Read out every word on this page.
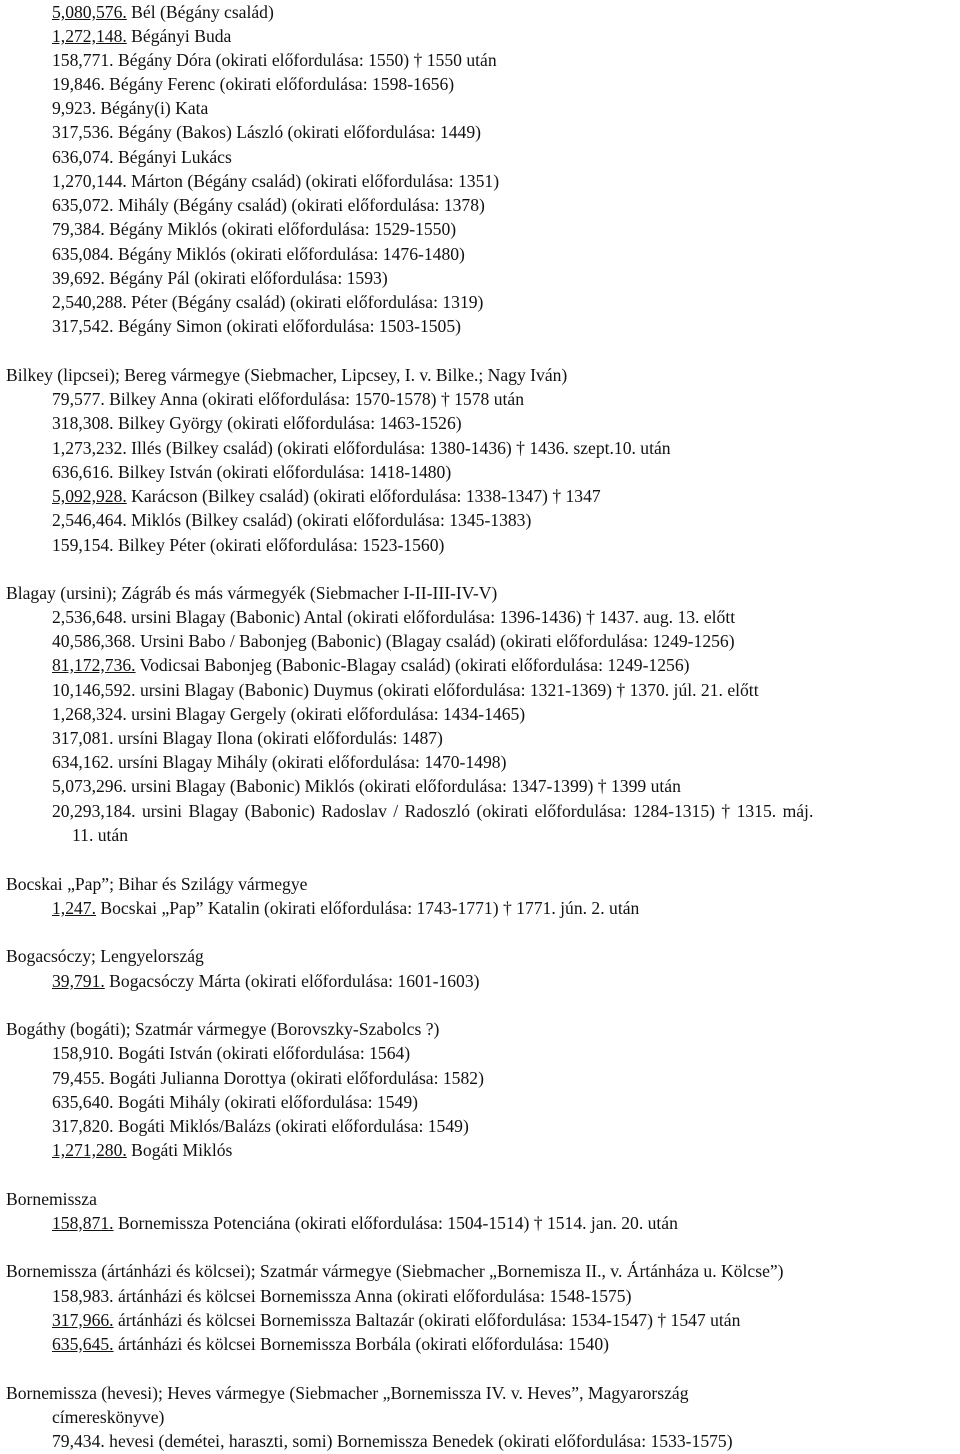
5,080,576. Bél (Bégány család)
1,272,148. Bégányi Buda
158,771. Bégány Dóra (okirati előfordulása: 1550) † 1550 után
19,846. Bégány Ferenc (okirati előfordulása: 1598-1656)
9,923. Bégány(i) Kata
317,536. Bégány (Bakos) László (okirati előfordulása: 1449)
636,074. Bégányi Lukács
1,270,144. Márton (Bégány család) (okirati előfordulása: 1351)
635,072. Mihály (Bégány család) (okirati előfordulása: 1378)
79,384. Bégány Miklós (okirati előfordulása: 1529-1550)
635,084. Bégány Miklós (okirati előfordulása: 1476-1480)
39,692. Bégány Pál (okirati előfordulása: 1593)
2,540,288. Péter (Bégány család) (okirati előfordulása: 1319)
317,542. Bégány Simon (okirati előfordulása: 1503-1505)
Bilkey (lipcsei); Bereg vármegye (Siebmacher, Lipcsey, I. v. Bilke.; Nagy Iván)
79,577. Bilkey Anna (okirati előfordulása: 1570-1578) † 1578 után
318,308. Bilkey György (okirati előfordulása: 1463-1526)
1,273,232. Illés (Bilkey család) (okirati előfordulása: 1380-1436) † 1436. szept.10. után
636,616. Bilkey István (okirati előfordulása: 1418-1480)
5,092,928. Karácson (Bilkey család) (okirati előfordulása: 1338-1347) † 1347
2,546,464. Miklós (Bilkey család) (okirati előfordulása: 1345-1383)
159,154. Bilkey Péter (okirati előfordulása: 1523-1560)
Blagay (ursini); Zágráb és más vármegyék (Siebmacher I-II-III-IV-V)
2,536,648. ursini Blagay (Babonic) Antal (okirati előfordulása: 1396-1436) † 1437. aug. 13. előtt
40,586,368. Ursini Babo / Babonjeg (Babonic) (Blagay család) (okirati előfordulása: 1249-1256)
81,172,736. Vodicsai Babonjeg (Babonic-Blagay család) (okirati előfordulása: 1249-1256)
10,146,592. ursini Blagay (Babonic) Duymus (okirati előfordulása: 1321-1369) † 1370. júl. 21. előtt
1,268,324. ursini Blagay Gergely (okirati előfordulása: 1434-1465)
317,081. ursíni Blagay Ilona (okirati előfordulás: 1487)
634,162. ursíni Blagay Mihály (okirati előfordulása: 1470-1498)
5,073,296. ursini Blagay (Babonic) Miklós (okirati előfordulása: 1347-1399) † 1399 után
20,293,184. ursini Blagay (Babonic) Radoslav / Radoszló (okirati előfordulása: 1284-1315) † 1315. máj.
11. után
Bocskai „Pap”; Bihar és Szilágy vármegye
1,247. Bocskai „Pap” Katalin (okirati előfordulása: 1743-1771) † 1771. jún. 2. után
Bogacsóczy; Lengyelország
39,791. Bogacsóczy Márta (okirati előfordulása: 1601-1603)
Bogáthy (bogáti); Szatmár vármegye (Borovszky-Szabolcs ?)
158,910. Bogáti István (okirati előfordulása: 1564)
79,455. Bogáti Julianna Dorottya (okirati előfordulása: 1582)
635,640. Bogáti Mihály (okirati előfordulása: 1549)
317,820. Bogáti Miklós/Balázs (okirati előfordulása: 1549)
1,271,280. Bogáti Miklós
Bornemissza
158,871. Bornemissza Potenciána (okirati előfordulása: 1504-1514) † 1514. jan. 20. után
Bornemissza (ártánházi és kölcsei); Szatmár vármegye (Siebmacher „Bornemisza II., v. Ártánháza u. Kölcse”)
158,983. ártánházi és kölcsei Bornemissza Anna (okirati előfordulása: 1548-1575)
317,966. ártánházi és kölcsei Bornemissza Baltazár (okirati előfordulása: 1534-1547) † 1547 után
635,645. ártánházi és kölcsei Bornemissza Borbála (okirati előfordulása: 1540)
Bornemissza (hevesi); Heves vármegye (Siebmacher „Bornemissza IV. v. Heves”, Magyarország
címereskönyve)
79,434. hevesi (demétei, haraszti, somi) Bornemissza Benedek (okirati előfordulása: 1533-1575)
